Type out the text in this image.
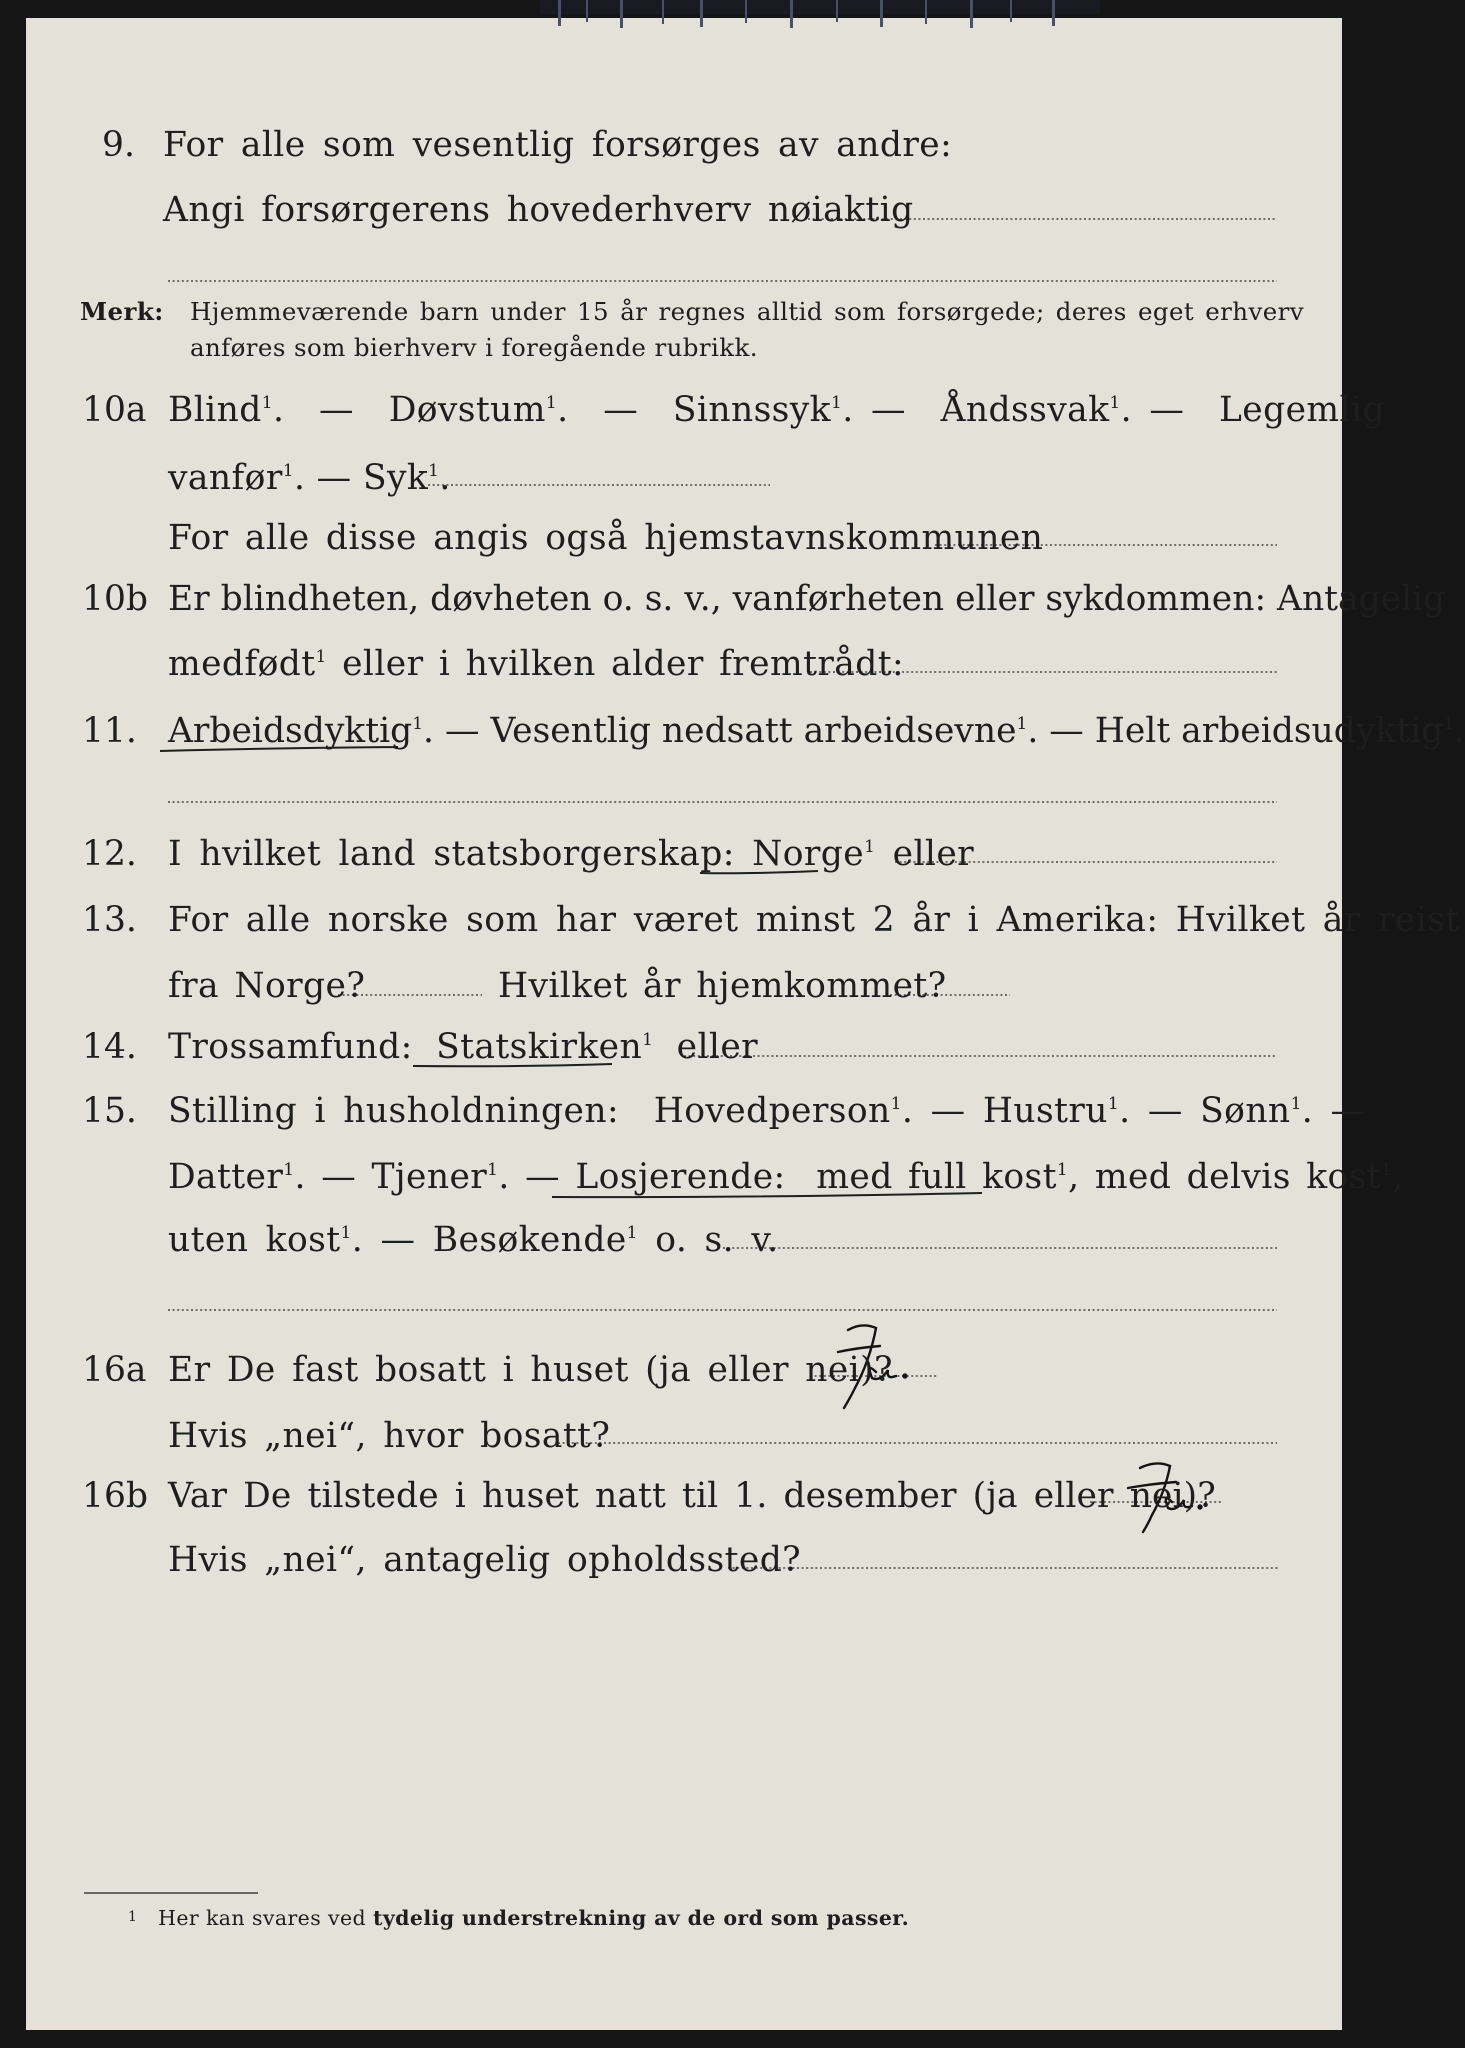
9. For alle som vesentlig forsørges av andre:
Angi forsørgerens hovederhverv nøiaktig
Merk: Hjemmeværende barn under 15 år regnes alltid som forsørgede; deres eget erhverv
anføres som bierhverv i foregående rubrikk.
10a Blind$^1$.  —  Døvstum$^1$.  —  Sinnssyk$^1$. —  Åndssvak$^1$. —  Legemlig
vanfør$^1$. — Syk$^1$.
For alle disse angis også hjemstavnskommunen
10b Er blindheten, døvheten o. s. v., vanførheten eller sykdommen: Antagelig
medfødt$^1$ eller i hvilken alder fremtrådt:
11. Arbeidsdyktig$^1$. — Vesentlig nedsatt arbeidsevne$^1$. — Helt arbeidsudyktig$^1$.
12. I hvilket land statsborgerskap: Norge$^1$ eller
13. For alle norske som har været minst 2 år i Amerika: Hvilket år reist
fra Norge?	Hvilket år hjemkommet?
14. Trossamfund: Statskirken$^1$ eller
15. Stilling i husholdningen: Hovedperson$^1$. — Hustru$^1$. — Sønn$^1$. —
Datter$^1$. — Tjener$^1$. — Losjerende: med full kost$^1$, med delvis kost$^1$,
uten kost$^1$. — Besøkende$^1$ o. s. v.
16a Er De fast bosatt i huset (ja eller nei)?
Hvis „nei“, hvor bosatt?
16b Var De tilstede i huset natt til 1. desember (ja eller nei)?
Hvis „nei“, antagelig opholdssted?
1 Her kan svares ved tydelig understrekning av de ord som passer.
